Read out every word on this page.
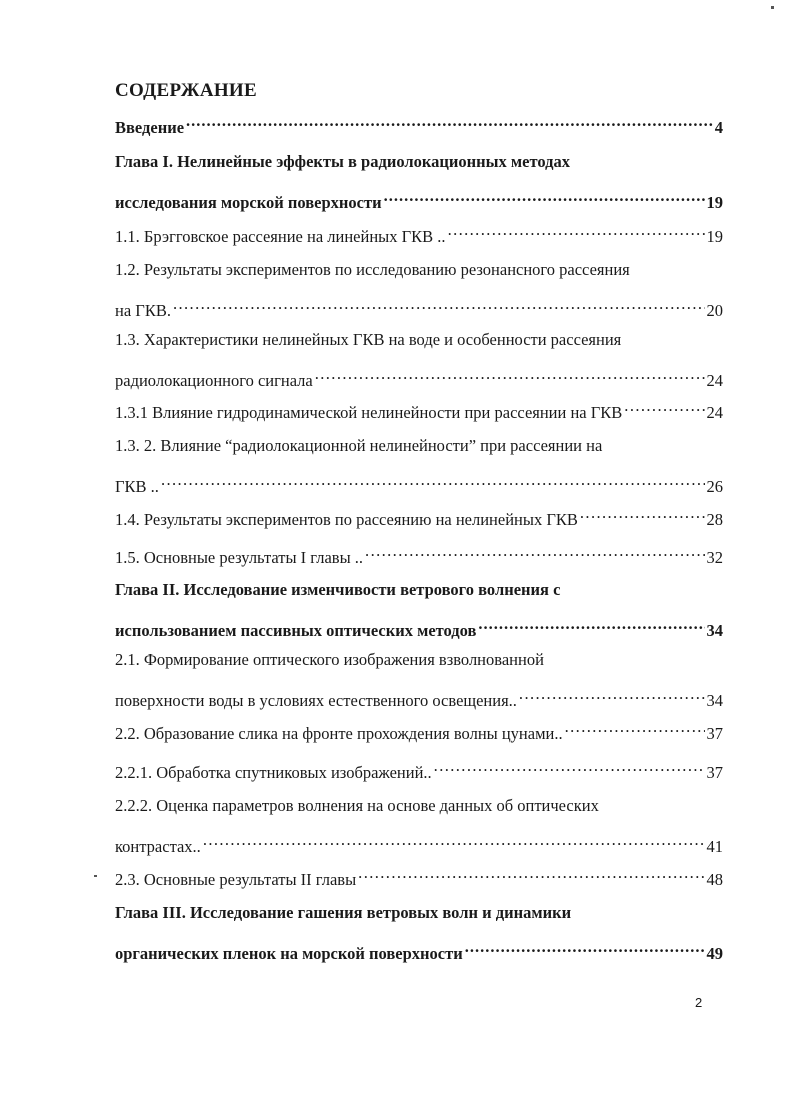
СОДЕРЖАНИЕ
Введение .....	4
Глава I. Нелинейные эффекты в радиолокационных методах
исследования морской поверхности .....	19
1.1. Брэгговское рассеяние на линейных ГКВ .. .....	19
1.2. Результаты экспериментов по исследованию резонансного рассеяния
на ГКВ. .....	20
1.3. Характеристики нелинейных ГКВ на воде и особенности рассеяния
радиолокационного сигнала .....	24
1.3.1 Влияние гидродинамической нелинейности при рассеянии на ГКВ .....	24
1.3. 2. Влияние “радиолокационной нелинейности” при рассеянии на
ГКВ .. .....	26
1.4. Результаты экспериментов по рассеянию на нелинейных ГКВ .....	28
1.5. Основные результаты I главы .. .....	32
Глава II. Исследование изменчивости ветрового волнения с
использованием пассивных оптических методов .....	34
2.1. Формирование оптического изображения взволнованной
поверхности воды в условиях естественного освещения.. .....	34
2.2. Образование слика на фронте прохождения волны цунами.. .....	37
2.2.1. Обработка спутниковых изображений.. .....	37
2.2.2. Оценка параметров волнения на основе данных об оптических
контрастах.. .....	41
2.3. Основные результаты II главы .....	48
Глава III. Исследование гашения ветровых волн и динамики
органических пленок на морской поверхности .....	49
2
